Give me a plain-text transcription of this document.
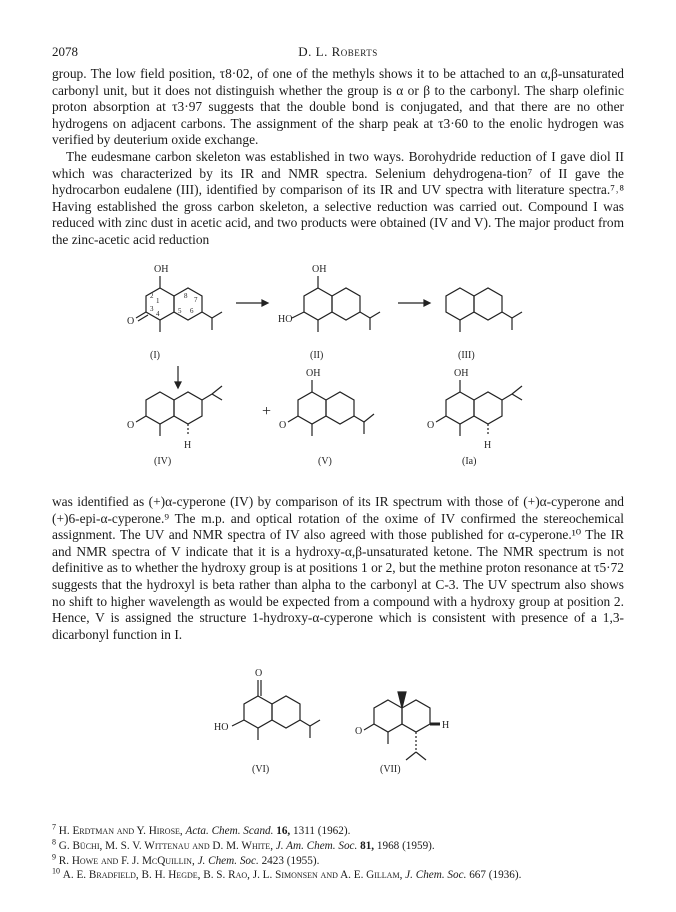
2078	D. L. Roberts

group. The low field position, τ8·02, of one of the methyls shows it to be attached to an α,β-unsaturated carbonyl unit, but it does not distinguish whether the group is α or β to the carbonyl. The sharp olefinic proton absorption at τ3·97 suggests that the double bond is conjugated, and that there are no other hydrogens on adjacent carbons. The assignment of the sharp peak at τ3·60 to the enolic hydrogen was verified by deuterium oxide exchange.
The eudesmane carbon skeleton was established in two ways. Borohydride reduction of I gave diol II which was characterized by its IR and NMR spectra. Selenium dehydrogena-tion⁷ of II gave the hydrocarbon eudalene (III), identified by comparison of its IR and UV spectra with literature spectra.⁷˒⁸ Having established the gross carbon skeleton, a selective reduction was carried out. Compound I was reduced with zinc dust in acetic acid, and two products were obtained (IV and V). The major product from the zinc-acetic acid reduction

OH
O
1
2
3
4	5 6
7
8
OH
HO
(I)	(II)	(III)
O
H
+
OH
O
OH
O
H
(IV)	(V)	(Ia)

was identified as (+)α-cyperone (IV) by comparison of its IR spectrum with those of (+)α-cyperone and (+)6-epi-α-cyperone.⁹ The m.p. and optical rotation of the oxime of IV confirmed the stereochemical assignment. The UV and NMR spectra of IV also agreed with those published for α-cyperone.¹⁰ The IR and NMR spectra of V indicate that it is a hydroxy-α,β-unsaturated ketone. The NMR spectrum is not definitive as to whether the hydroxy group is at positions 1 or 2, but the methine proton resonance at τ5·72 suggests that the hydroxyl is beta rather than alpha to the carbonyl at C-3. The UV spectrum also shows no shift to higher wavelength as would be expected from a compound with a hydroxy group at position 2. Hence, V is assigned the structure 1-hydroxy-α-cyperone which is consistent with presence of a 1,3-dicarbonyl function in I.

O
HO	O
H
(VI)	(VII)
$^7$ H. Erdtman and Y. Hirose, Acta. Chem. Scand. 16, 1311 (1962).
$^8$ G. Büchi, M. S. V. Wittenau and D. M. White, J. Am. Chem. Soc. 81, 1968 (1959).
$^9$ R. Howe and F. J. McQuillin, J. Chem. Soc. 2423 (1955).
$^{10}$ A. E. Bradfield, B. H. Hegde, B. S. Rao, J. L. Simonsen and A. E. Gillam, J. Chem. Soc. 667 (1936).
